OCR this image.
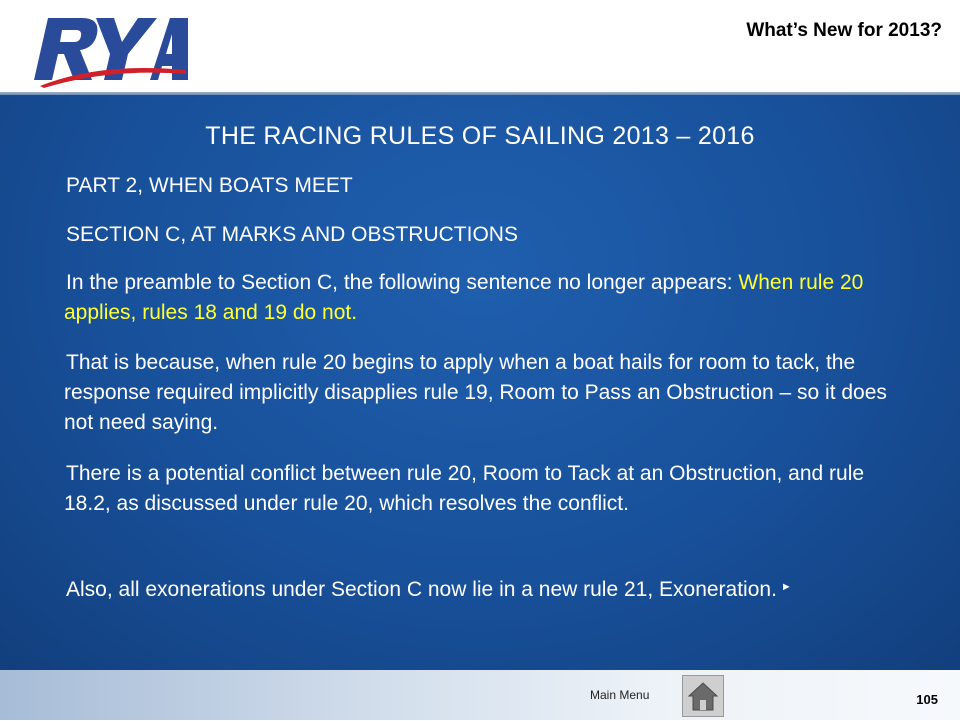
What’s New for 2013?
THE RACING RULES OF SAILING 2013 – 2016
PART 2, WHEN BOATS MEET
SECTION C, AT MARKS AND OBSTRUCTIONS
In the preamble to Section C, the following sentence no longer appears: When rule 20 applies, rules 18 and 19 do not.
That is because, when rule 20 begins to apply when a boat hails for room to tack, the response required implicitly disapplies rule 19, Room to Pass an Obstruction – so it does not need saying.
There is a potential conflict between rule 20, Room to Tack at an Obstruction, and rule 18.2, as discussed under rule 20, which resolves the conflict.
Also, all exonerations under Section C now lie in a new rule 21, Exoneration. ►
Main Menu	105
